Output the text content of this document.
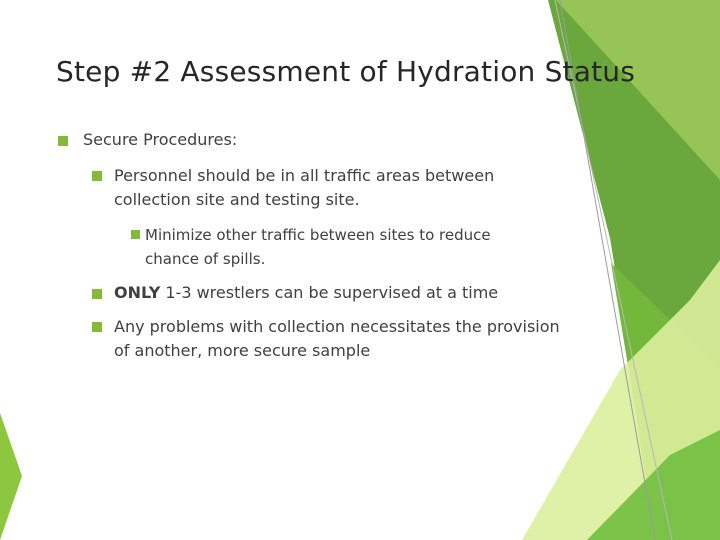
Step #2 Assessment of Hydration Status
Secure Procedures:
Personnel should be in all traffic areas between
collection site and testing site.
Minimize other traffic between sites to reduce
chance of spills.
ONLY 1-3 wrestlers can be supervised at a time
Any problems with collection necessitates the provision
of another, more secure sample
